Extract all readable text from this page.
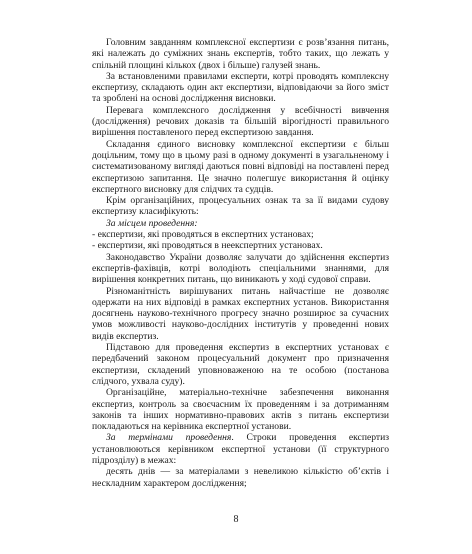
Головним завданням комплексної експертизи є розв’язання питань, які належать до суміжних знань експертів, тобто таких, що лежать у спільній площині кількох (двох і більше) галузей знань.

За встановленими правилами експерти, котрі проводять комплексну експертизу, складають один акт експертизи, відповідаючи за його зміст та зроблені на основі дослідження висновки.

Перевага комплексного дослідження у всебічності вивчення (дослідження) речових доказів та більшій вірогідності правильного вирішення поставленого перед експертизою завдання.

Складання єдиного висновку комплексної експертизи є більш доцільним, тому що в цьому разі в одному документі в узагальненому і систематизованому вигляді даються повні відповіді на поставлені перед експертизою запитання. Це значно полегшує використання й оцінку експертного висновку для слідчих та судців.

Крім організаційних, процесуальних ознак та за її видами судову експертизу класифікують:

За місцем проведення:

- експертизи, які проводяться в експертних установах;

- експертизи, які проводяться в неекспертних установах.

Законодавство України дозволяє залучати до здійснення експертиз експертів-фахівців, котрі володіють спеціальними знаннями, для вирішення конкретних питань, що виникають у ході судової справи.

Різноманітність вирішуваних питань найчастіше не дозволяє одержати на них відповіді в рамках експертних установ. Використання досягнень науково-технічного прогресу значно розширює за сучасних умов можливості науково-дослідних інститутів у проведенні нових видів експертиз.

Підставою для проведення експертиз в експертних установах є передбачений законом процесуальний документ про призначення експертизи, складений уповноваженою на те особою (постанова слідчого, ухвала суду).

Організаційне, матеріально-технічне забезпечення виконання експертиз, контроль за своєчасним їх проведенням і за дотриманням законів та інших нормативно-правових актів з питань експертизи покладаються на керівника експертної установи.

За термінами проведення. Строки проведення експертиз установлюються керівником експертної установи (її структурного підрозділу) в межах:

десять днів — за матеріалами з невеликою кількістю об’єктів і нескладним характером дослідження;

8
